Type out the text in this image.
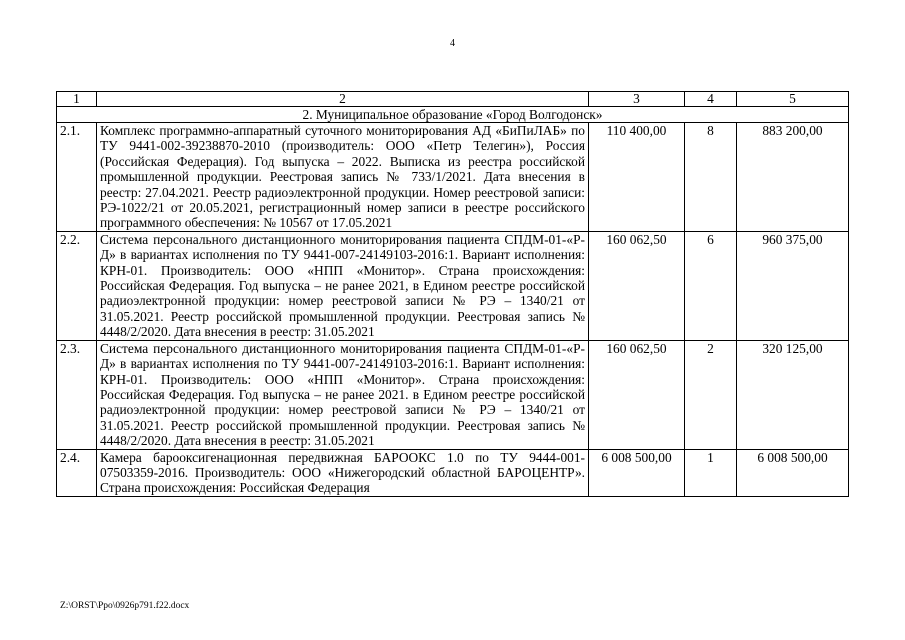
4
1	2	3	4	5
2. Муниципальное образование «Город Волгодонск»				
2.1.	Комплекс программно-аппаратный суточного мониторирования АД «БиПиЛАБ» по ТУ 9441-002-39238870-2010 (производитель: ООО «Петр Телегин»), Россия (Российская Федерация). Год выпуска – 2022. Выписка из реестра российской промышленной продукции. Реестровая запись № 733/1/2021. Дата внесения в реестр: 27.04.2021. Реестр радиоэлектронной продукции. Номер реестровой записи: РЭ-1022/21 от 20.05.2021, регистрационный номер записи в реестре российского программного обеспечения: № 10567 от 17.05.2021	110 400,00	8	883 200,00
2.2.	Система персонального дистанционного мониторирования пациента СПДМ-01-«Р-Д» в вариантах исполнения по ТУ 9441-007-24149103-2016:1. Вариант исполнения: КРН-01. Производитель: ООО «НПП «Монитор». Страна происхождения: Российская Федерация. Год выпуска – не ранее 2021, в Едином реестре российской радиоэлектронной продукции: номер реестровой записи № РЭ – 1340/21 от 31.05.2021. Реестр российской промышленной продукции. Реестровая запись № 4448/2/2020. Дата внесения в реестр: 31.05.2021	160 062,50	6	960 375,00
2.3.	Система персонального дистанционного мониторирования пациента СПДМ-01-«Р-Д» в вариантах исполнения по ТУ 9441-007-24149103-2016:1. Вариант исполнения: КРН-01. Производитель: ООО «НПП «Монитор». Страна происхождения: Российская Федерация. Год выпуска – не ранее 2021. в Едином реестре российской радиоэлектронной продукции: номер реестровой записи № РЭ – 1340/21 от 31.05.2021. Реестр российской промышленной продукции. Реестровая запись № 4448/2/2020. Дата внесения в реестр: 31.05.2021	160 062,50	2	320 125,00
2.4.	Камера барооксигенационная передвижная БАРООКС 1.0 по ТУ 9444-001-07503359-2016. Производитель: ООО «Нижегородский областной БАРОЦЕНТР». Страна происхождения: Российская Федерация	6 008 500,00	1	6 008 500,00
Z:\ORST\Ppo\0926p791.f22.docx
